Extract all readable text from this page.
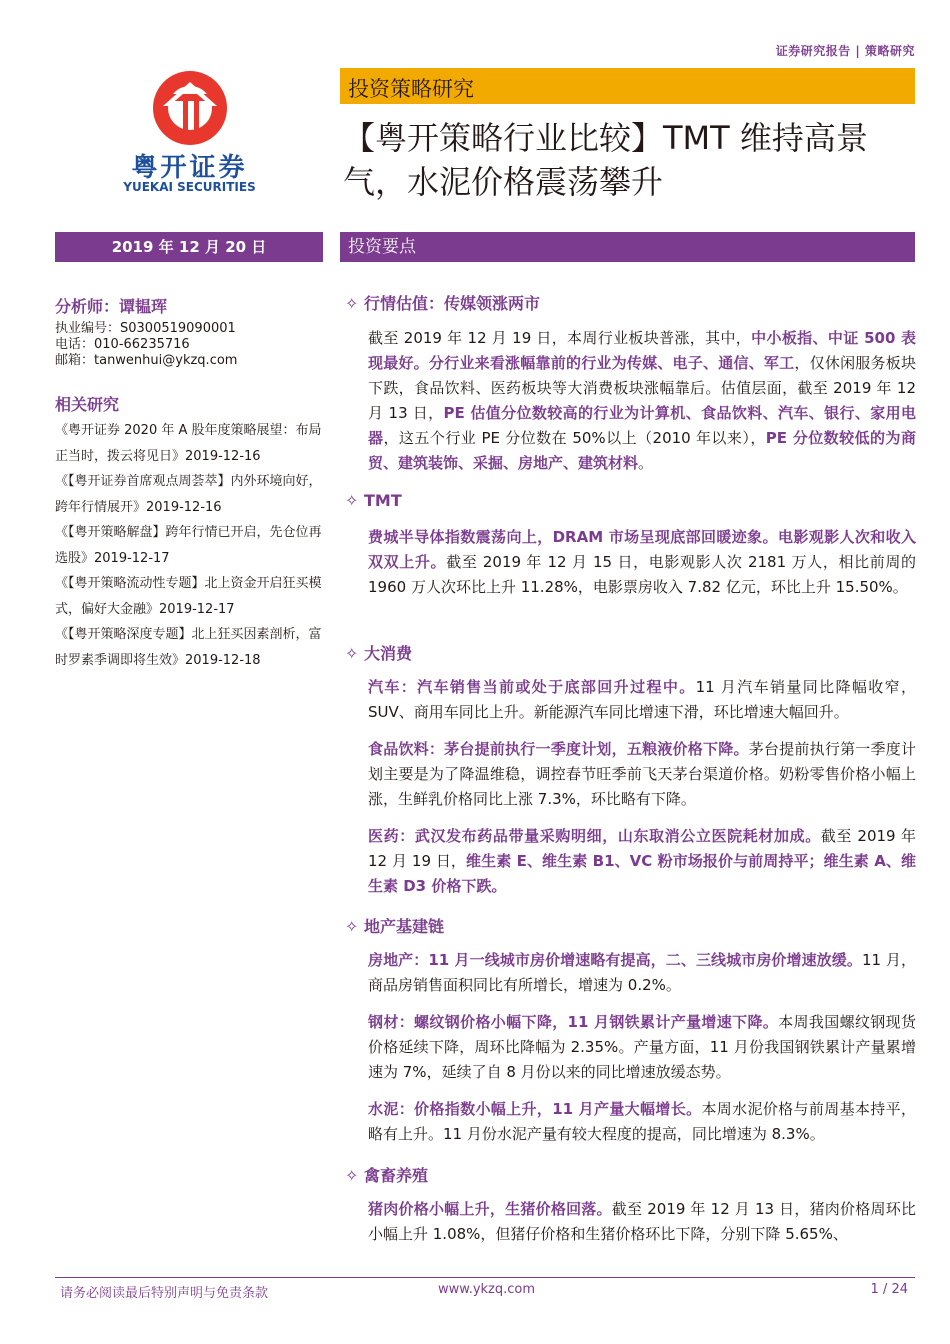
证券研究报告 | 策略研究
粤开证券
YUEKAI SECURITIES
投资策略研究
【粤开策略行业比较】TMT 维持高景气，水泥价格震荡攀升
2019 年 12 月 20 日	投资要点
分析师：谭韫珲
执业编号：S0300519090001
电话：010-66235716
邮箱：tanwenhui@ykzq.com
相关研究

《粤开证券 2020 年 A 股年度策略展望：布局正当时，拨云将见日》2019-12-16

《【粤开证券首席观点周荟萃】内外环境向好，跨年行情展开》2019-12-16

《【粤开策略解盘】跨年行情已开启，先仓位再选股》2019-12-17

《【粤开策略流动性专题】北上资金开启狂买模式，偏好大金融》2019-12-17

《【粤开策略深度专题】北上狂买因素剖析，富时罗素季调即将生效》2019-12-18

✧ 行情估值：传媒领涨两市
截至 2019 年 12 月 19 日，本周行业板块普涨，其中，中小板指、中证 500 表现最好。分行业来看涨幅靠前的行业为传媒、电子、通信、军工，仅休闲服务板块下跌，食品饮料、医药板块等大消费板块涨幅靠后。估值层面，截至 2019 年 12 月 13 日，PE 估值分位数较高的行业为计算机、食品饮料、汽车、银行、家用电器，这五个行业 PE 分位数在 50%以上（2010 年以来），PE 分位数较低的为商贸、建筑装饰、采掘、房地产、建筑材料。
✧ TMT
费城半导体指数震荡向上，DRAM 市场呈现底部回暖迹象。电影观影人次和收入双双上升。截至 2019 年 12 月 15 日，电影观影人次 2181 万人，相比前周的 1960 万人次环比上升 11.28%，电影票房收入 7.82 亿元，环比上升 15.50%。
✧ 大消费
汽车：汽车销售当前或处于底部回升过程中。11 月汽车销量同比降幅收窄，SUV、商用车同比上升。新能源汽车同比增速下滑，环比增速大幅回升。
食品饮料：茅台提前执行一季度计划，五粮液价格下降。茅台提前执行第一季度计划主要是为了降温维稳，调控春节旺季前飞天茅台渠道价格。奶粉零售价格小幅上涨，生鲜乳价格同比上涨 7.3%，环比略有下降。
医药：武汉发布药品带量采购明细，山东取消公立医院耗材加成。截至 2019 年 12 月 19 日，维生素 E、维生素 B1、VC 粉市场报价与前周持平；维生素 A、维生素 D3 价格下跌。
✧ 地产基建链
房地产：11 月一线城市房价增速略有提高，二、三线城市房价增速放缓。11 月，商品房销售面积同比有所增长，增速为 0.2%。
钢材：螺纹钢价格小幅下降，11 月钢铁累计产量增速下降。本周我国螺纹钢现货价格延续下降，周环比降幅为 2.35%。产量方面，11 月份我国钢铁累计产量累增速为 7%，延续了自 8 月份以来的同比增速放缓态势。
水泥：价格指数小幅上升，11 月产量大幅增长。本周水泥价格与前周基本持平，略有上升。11 月份水泥产量有较大程度的提高，同比增速为 8.3%。
✧ 禽畜养殖
猪肉价格小幅上升，生猪价格回落。截至 2019 年 12 月 13 日，猪肉价格周环比小幅上升 1.08%，但猪仔价格和生猪价格环比下降，分别下降 5.65%、
请务必阅读最后特别声明与免责条款	www.ykzq.com	1 / 24
